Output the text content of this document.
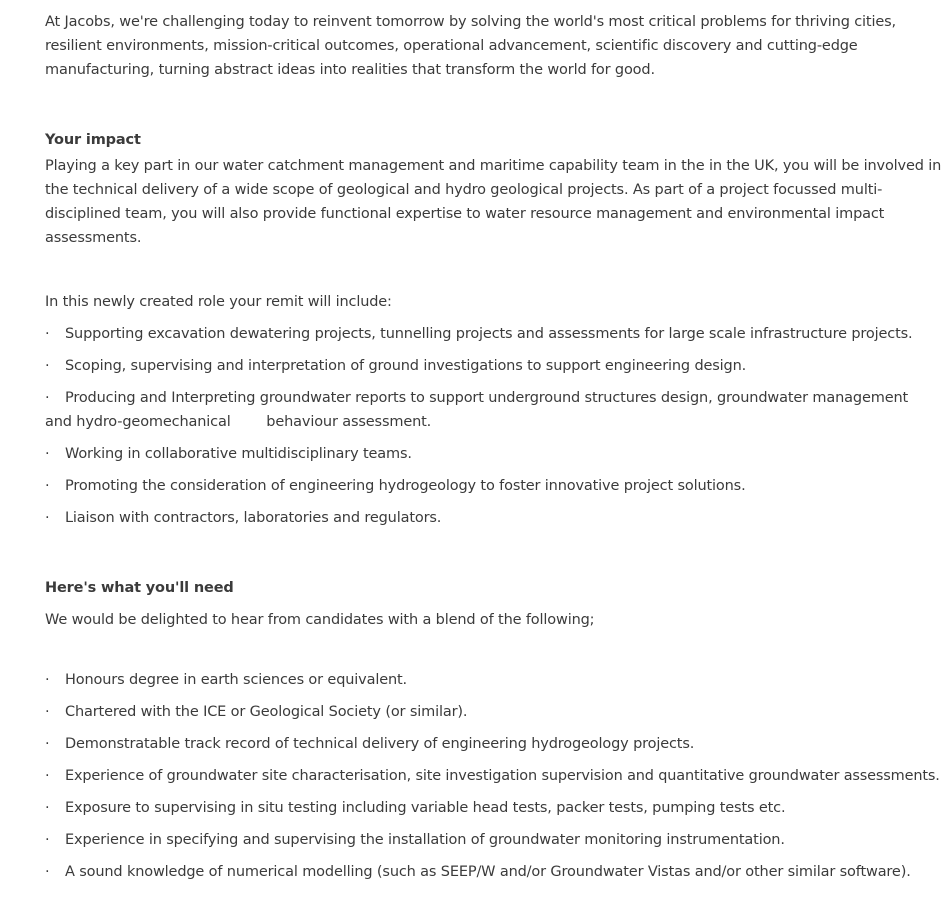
At Jacobs, we're challenging today to reinvent tomorrow by solving the world's most critical problems for thriving cities,
resilient environments, mission-critical outcomes, operational advancement, scientific discovery and cutting-edge
manufacturing, turning abstract ideas into realities that transform the world for good.
Your impact
Playing a key part in our water catchment management and maritime capability team in the in the UK, you will be involved in
the technical delivery of a wide scope of geological and hydro geological projects. As part of a project focussed multi-
disciplined team, you will also provide functional expertise to water resource management and environmental impact
assessments.
In this newly created role your remit will include:
· Supporting excavation dewatering projects, tunnelling projects and assessments for large scale infrastructure projects.
· Scoping, supervising and interpretation of ground investigations to support engineering design.
· Producing and Interpreting groundwater reports to support underground structures design, groundwater management
and hydro-geomechanical        behaviour assessment.
· Working in collaborative multidisciplinary teams.
· Promoting the consideration of engineering hydrogeology to foster innovative project solutions.
· Liaison with contractors, laboratories and regulators.
Here's what you'll need
We would be delighted to hear from candidates with a blend of the following;
· Honours degree in earth sciences or equivalent.
· Chartered with the ICE or Geological Society (or similar).
· Demonstratable track record of technical delivery of engineering hydrogeology projects.
· Experience of groundwater site characterisation, site investigation supervision and quantitative groundwater assessments.
· Exposure to supervising in situ testing including variable head tests, packer tests, pumping tests etc.
· Experience in specifying and supervising the installation of groundwater monitoring instrumentation.
· A sound knowledge of numerical modelling (such as SEEP/W and/or Groundwater Vistas and/or other similar software).
